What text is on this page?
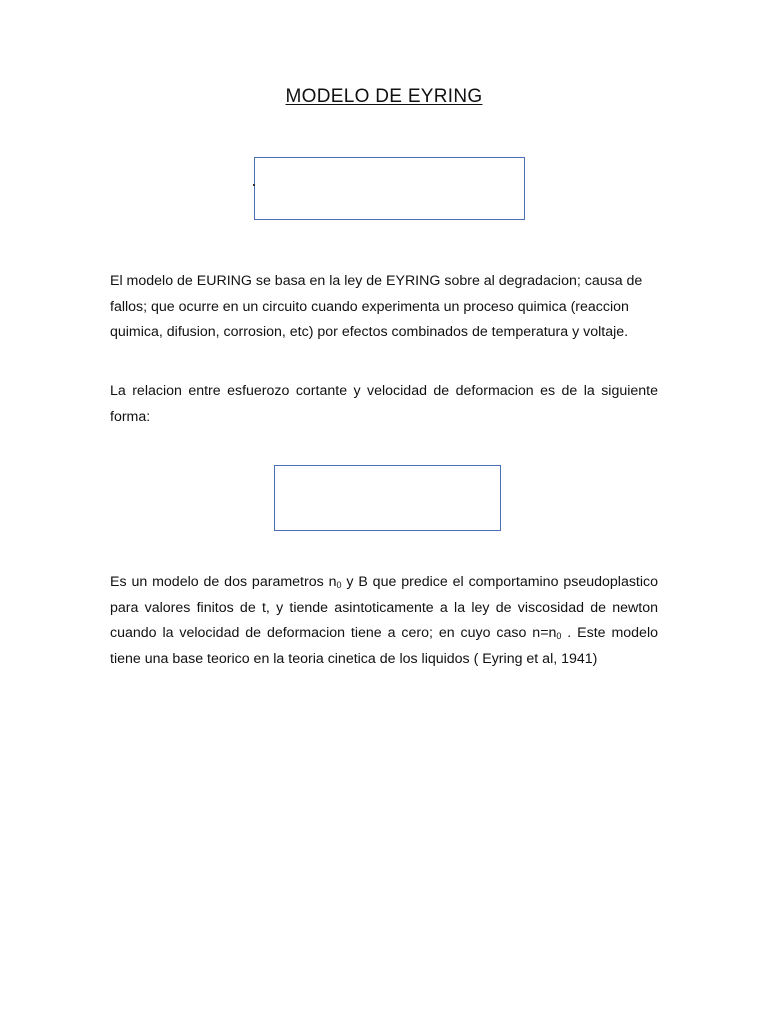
MODELO DE EYRING

El modelo de EURING se basa en la ley de EYRING sobre al degradacion; causa de fallos; que ocurre en un circuito cuando experimenta un proceso quimica (reaccion quimica, difusion, corrosion, etc) por efectos combinados de temperatura y voltaje.

La relacion entre esfuerozo cortante y velocidad de deformacion es de la siguiente forma:

Es un modelo de dos parametros $n_0$ y B que predice el comportamino pseudoplastico para valores finitos de t, y tiende asintoticamente a la ley de viscosidad de newton cuando la velocidad de deformacion tiene a cero; en cuyo caso $n=n_0$ . Este modelo tiene una base teorico en la teoria cinetica de los liquidos ( Eyring et al, 1941)
